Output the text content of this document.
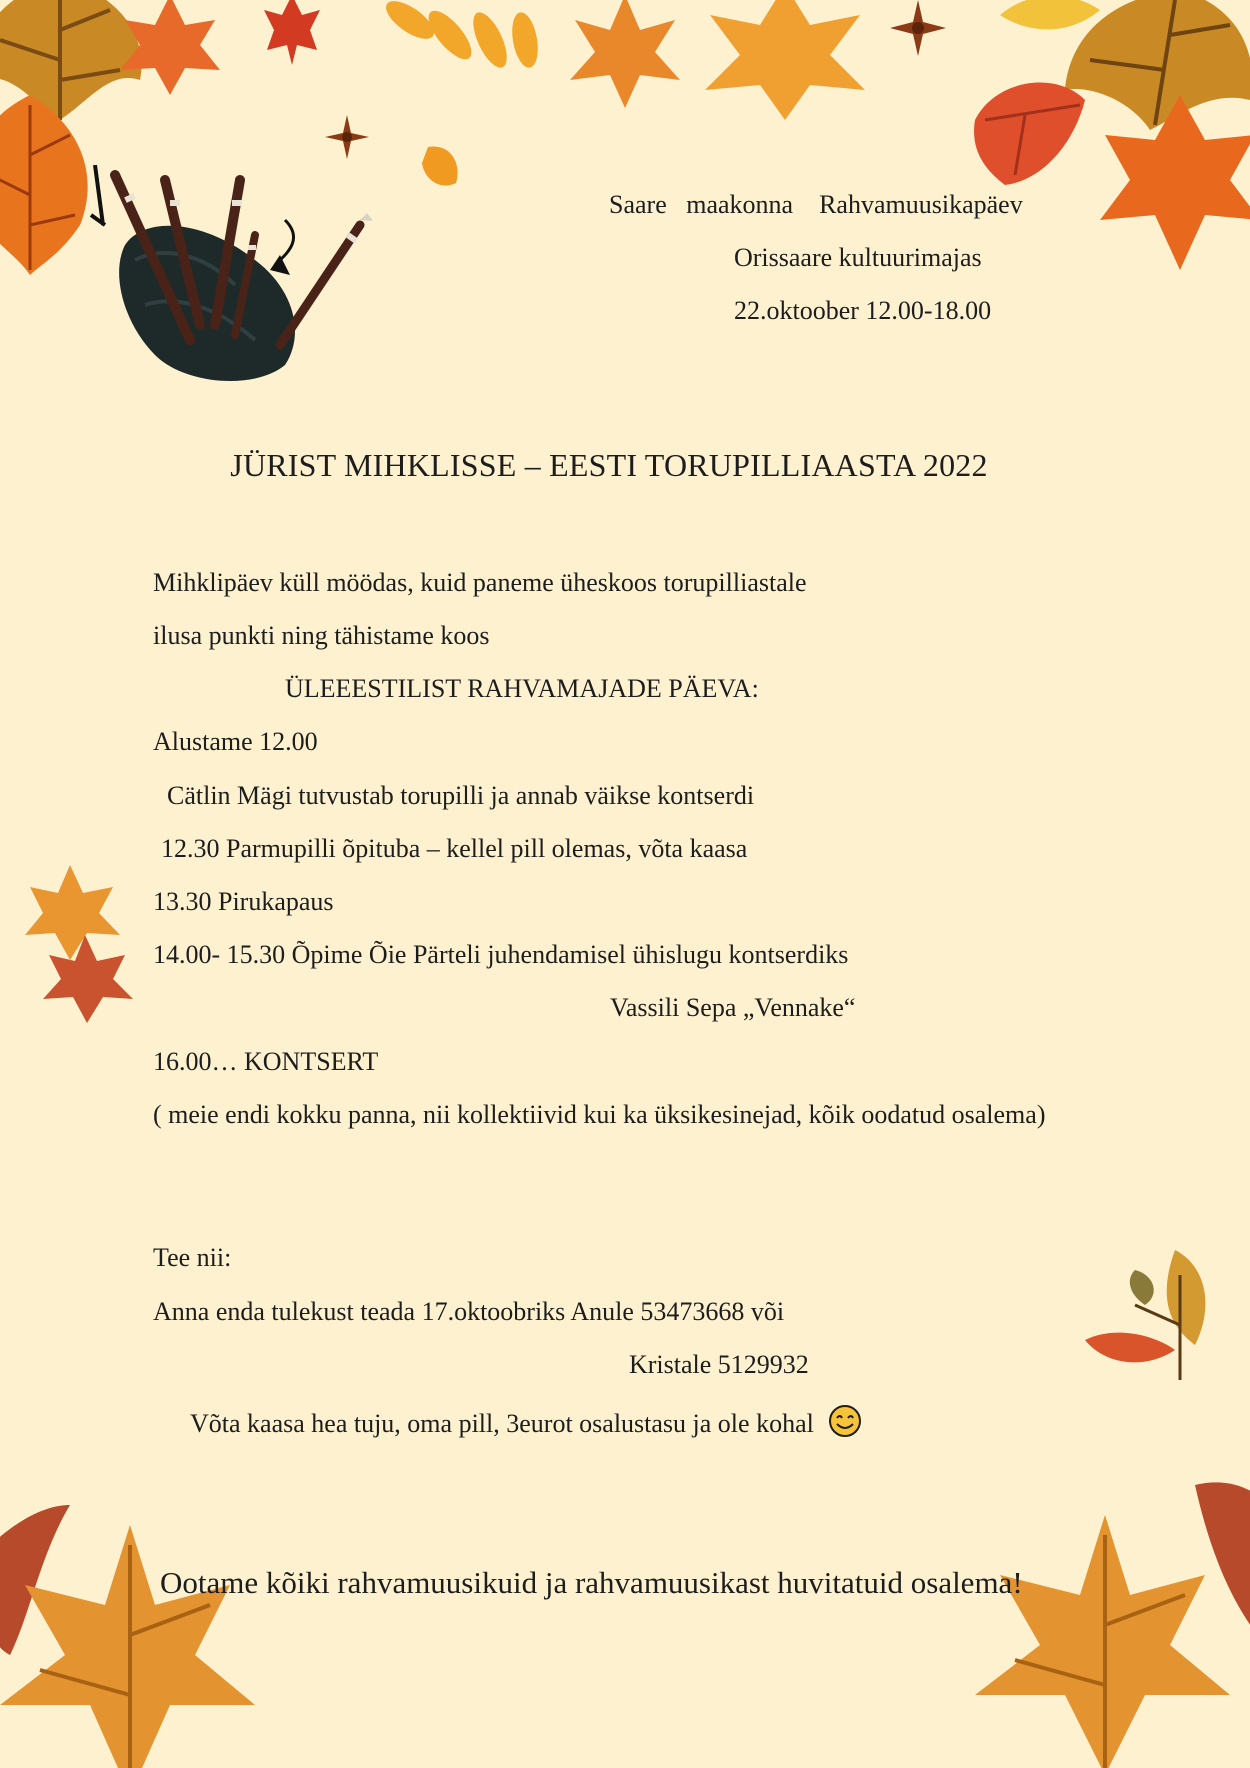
Saare   maakonna    Rahvamuusikapäev
Orissaare kultuurimajas
22.oktoober 12.00-18.00
JÜRIST MIHKLISSE – EESTI TORUPILLIAASTA 2022
Mihklipäev küll möödas, kuid paneme üheskoos torupilliastale
ilusa punkti ning tähistame koos
ÜLEEESTILIST RAHVAMAJADE PÄEVA:
Alustame 12.00
Cätlin Mägi tutvustab torupilli ja annab väikse kontserdi
12.30 Parmupilli õpituba – kellel pill olemas, võta kaasa
13.30 Pirukapaus
14.00- 15.30 Õpime Õie Pärteli juhendamisel ühislugu kontserdiks
Vassili Sepa „Vennake“
16.00… KONTSERT
( meie endi kokku panna, nii kollektiivid kui ka üksikesinejad, kõik oodatud osalema)
Tee nii:
Anna enda tulekust teada 17.oktoobriks Anule 53473668 või
Kristale 5129932
Võta kaasa hea tuju, oma pill, 3eurot osalustasu ja ole kohal
Ootame kõiki rahvamuusikuid ja rahvamuusikast huvitatuid osalema!
